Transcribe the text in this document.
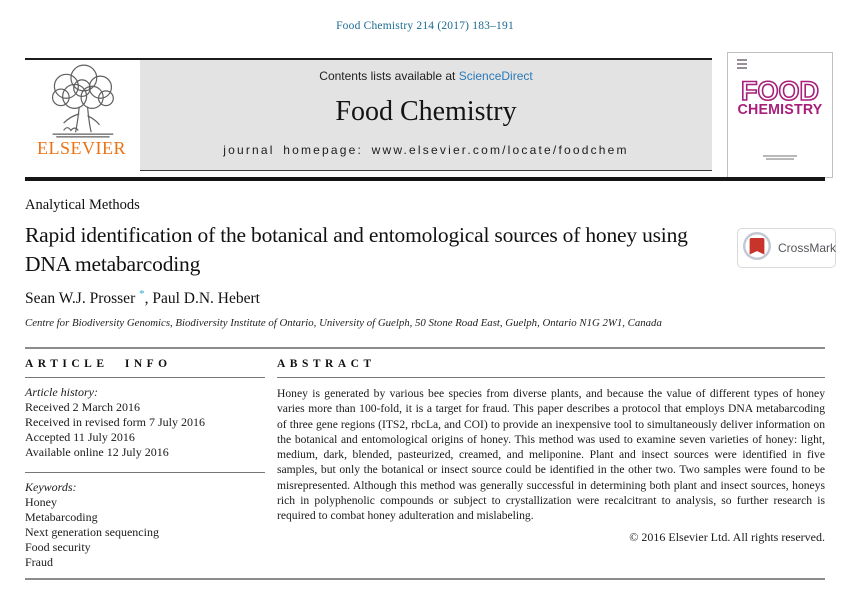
Food Chemistry 214 (2017) 183–191
ELSEVIER
Contents lists available at ScienceDirect
Food Chemistry
journal homepage: www.elsevier.com/locate/foodchem
FOOD
CHEMISTRY
Analytical Methods
Rapid identification of the botanical and entomological sources of honey using DNA metabarcoding
CrossMark
Sean W.J. Prosser *, Paul D.N. Hebert
Centre for Biodiversity Genomics, Biodiversity Institute of Ontario, University of Guelph, 50 Stone Road East, Guelph, Ontario N1G 2W1, Canada
ARTICLE INFO
Article history:
Received 2 March 2016
Received in revised form 7 July 2016
Accepted 11 July 2016
Available online 12 July 2016
Keywords:
Honey
Metabarcoding
Next generation sequencing
Food security
Fraud
ABSTRACT
Honey is generated by various bee species from diverse plants, and because the value of different types of honey varies more than 100-fold, it is a target for fraud. This paper describes a protocol that employs DNA metabarcoding of three gene regions (ITS2, rbcLa, and COI) to provide an inexpensive tool to simultaneously deliver information on the botanical and entomological origins of honey. This method was used to examine seven varieties of honey: light, medium, dark, blended, pasteurized, creamed, and meliponine. Plant and insect sources were identified in five samples, but only the botanical or insect source could be identified in the other two. Two samples were found to be misrepresented. Although this method was generally successful in determining both plant and insect sources, honeys rich in polyphenolic compounds or subject to crystallization were recalcitrant to analysis, so further research is required to combat honey adulteration and mislabeling.
© 2016 Elsevier Ltd. All rights reserved.
